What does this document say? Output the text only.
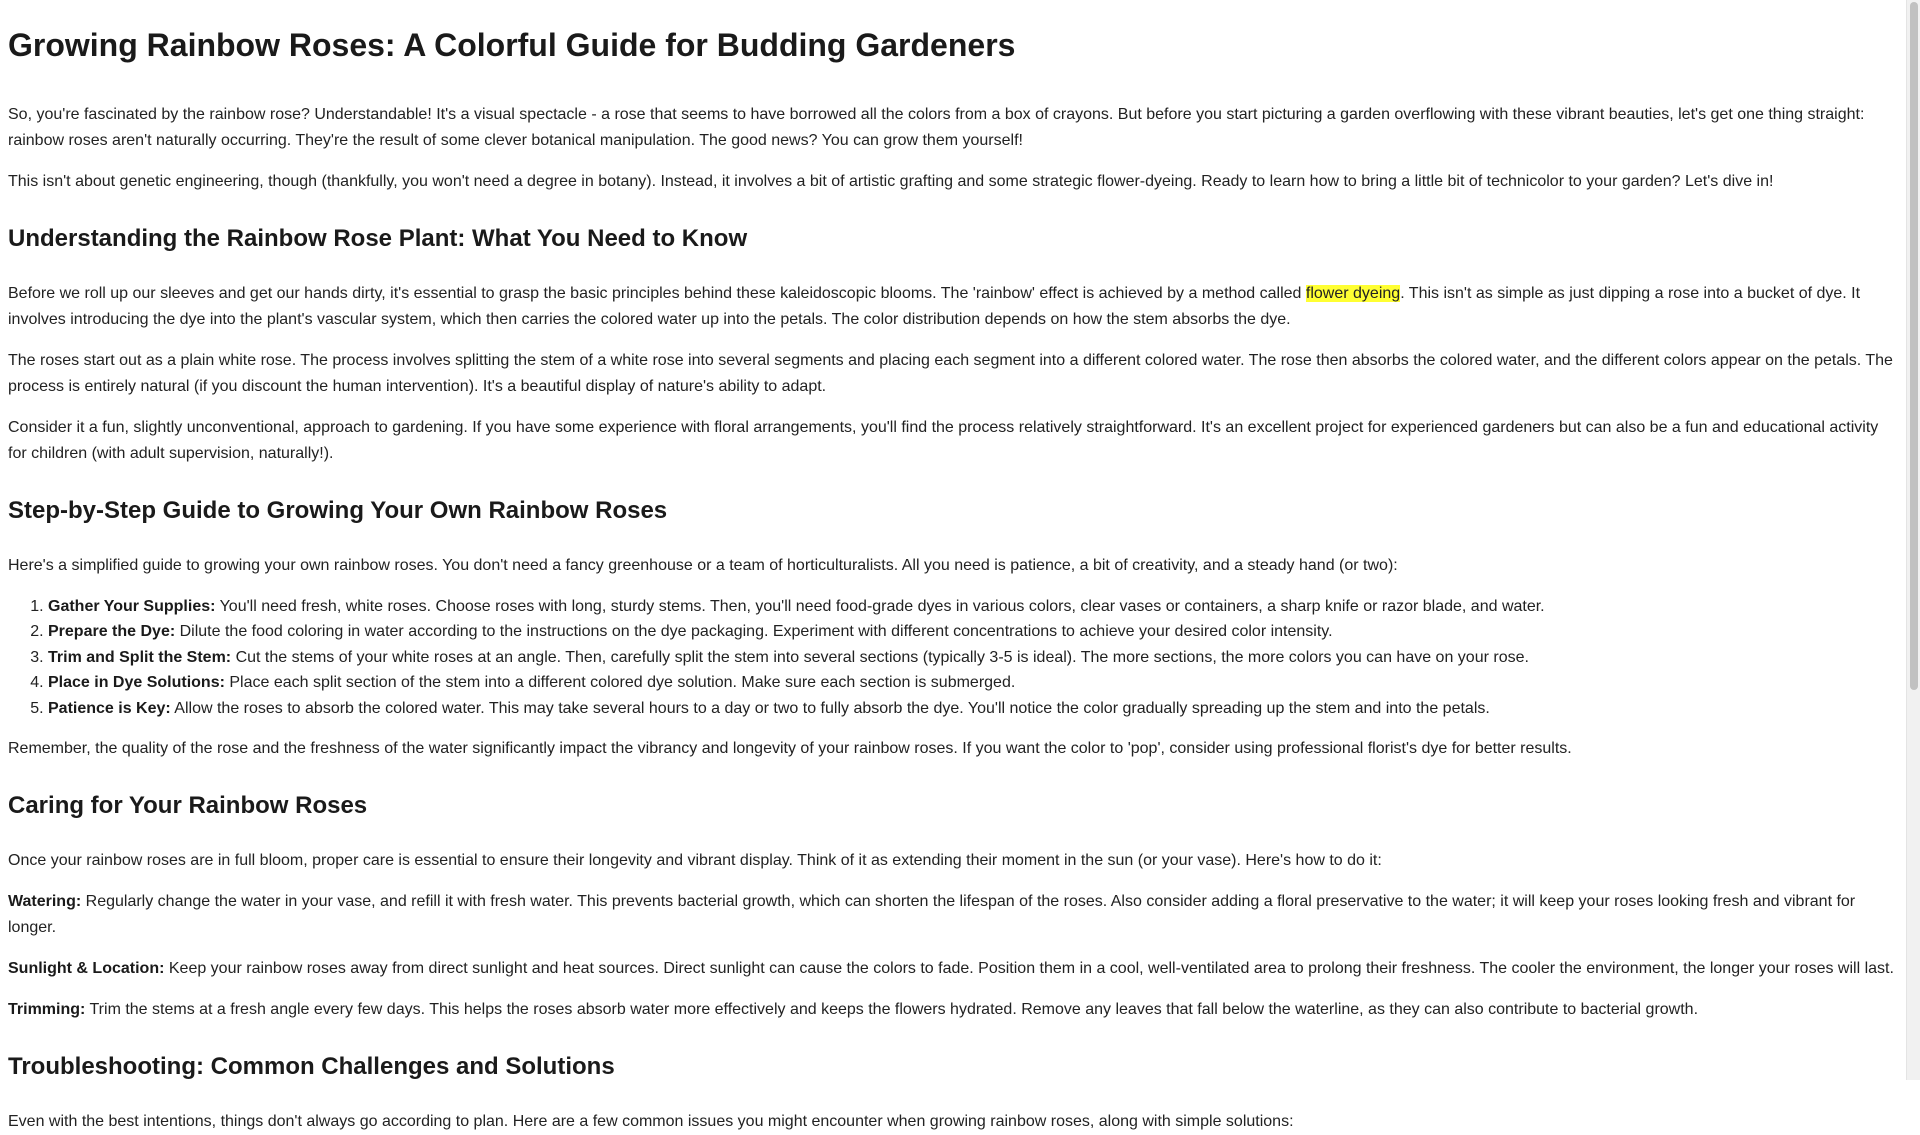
Growing Rainbow Roses: A Colorful Guide for Budding Gardeners

So, you're fascinated by the rainbow rose? Understandable! It's a visual spectacle - a rose that seems to have borrowed all the colors from a box of crayons. But before you start picturing a garden overflowing with these vibrant beauties, let's get one thing straight: rainbow roses aren't naturally occurring. They're the result of some clever botanical manipulation. The good news? You can grow them yourself!

This isn't about genetic engineering, though (thankfully, you won't need a degree in botany). Instead, it involves a bit of artistic grafting and some strategic flower-dyeing. Ready to learn how to bring a little bit of technicolor to your garden? Let's dive in!

Understanding the Rainbow Rose Plant: What You Need to Know

Before we roll up our sleeves and get our hands dirty, it's essential to grasp the basic principles behind these kaleidoscopic blooms. The 'rainbow' effect is achieved by a method called flower dyeing. This isn't as simple as just dipping a rose into a bucket of dye. It involves introducing the dye into the plant's vascular system, which then carries the colored water up into the petals. The color distribution depends on how the stem absorbs the dye.

The roses start out as a plain white rose. The process involves splitting the stem of a white rose into several segments and placing each segment into a different colored water. The rose then absorbs the colored water, and the different colors appear on the petals. The process is entirely natural (if you discount the human intervention). It's a beautiful display of nature's ability to adapt.

Consider it a fun, slightly unconventional, approach to gardening. If you have some experience with floral arrangements, you'll find the process relatively straightforward. It's an excellent project for experienced gardeners but can also be a fun and educational activity for children (with adult supervision, naturally!).

Step-by-Step Guide to Growing Your Own Rainbow Roses

Here's a simplified guide to growing your own rainbow roses. You don't need a fancy greenhouse or a team of horticulturalists. All you need is patience, a bit of creativity, and a steady hand (or two):

1. Gather Your Supplies: You'll need fresh, white roses. Choose roses with long, sturdy stems. Then, you'll need food-grade dyes in various colors, clear vases or containers, a sharp knife or razor blade, and water.
2. Prepare the Dye: Dilute the food coloring in water according to the instructions on the dye packaging. Experiment with different concentrations to achieve your desired color intensity.
3. Trim and Split the Stem: Cut the stems of your white roses at an angle. Then, carefully split the stem into several sections (typically 3-5 is ideal). The more sections, the more colors you can have on your rose.
4. Place in Dye Solutions: Place each split section of the stem into a different colored dye solution. Make sure each section is submerged.
5. Patience is Key: Allow the roses to absorb the colored water. This may take several hours to a day or two to fully absorb the dye. You'll notice the color gradually spreading up the stem and into the petals.

Remember, the quality of the rose and the freshness of the water significantly impact the vibrancy and longevity of your rainbow roses. If you want the color to 'pop', consider using professional florist's dye for better results.

Caring for Your Rainbow Roses

Once your rainbow roses are in full bloom, proper care is essential to ensure their longevity and vibrant display. Think of it as extending their moment in the sun (or your vase). Here's how to do it:

Watering: Regularly change the water in your vase, and refill it with fresh water. This prevents bacterial growth, which can shorten the lifespan of the roses. Also consider adding a floral preservative to the water; it will keep your roses looking fresh and vibrant for longer.

Sunlight & Location: Keep your rainbow roses away from direct sunlight and heat sources. Direct sunlight can cause the colors to fade. Position them in a cool, well-ventilated area to prolong their freshness. The cooler the environment, the longer your roses will last.

Trimming: Trim the stems at a fresh angle every few days. This helps the roses absorb water more effectively and keeps the flowers hydrated. Remove any leaves that fall below the waterline, as they can also contribute to bacterial growth.

Troubleshooting: Common Challenges and Solutions

Even with the best intentions, things don't always go according to plan. Here are a few common issues you might encounter when growing rainbow roses, along with simple solutions:
